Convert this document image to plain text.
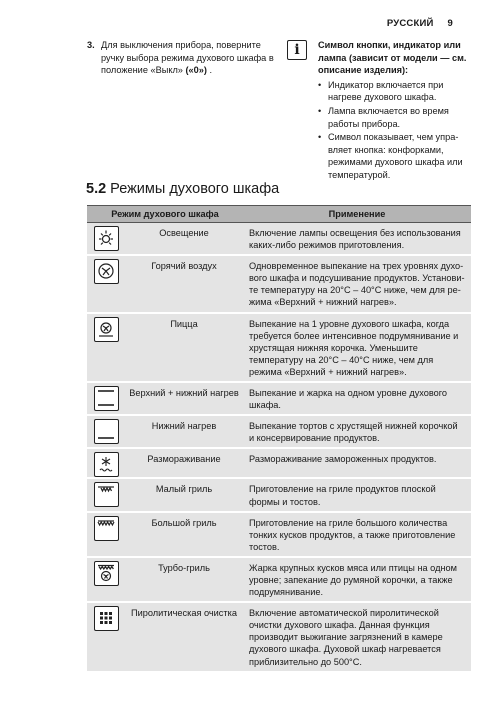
РУССКИЙ 9
3. Для выключения прибора, поверните ручку выбора режима духового шкафа в положение «Выкл» («0») .
i	Символ кнопки, индикатор или лампа (зависит от модели — см. описание изделия):
• Индикатор включается при нагреве духового шкафа.
• Лампа включается во время работы прибора.
• Символ показывает, чем управляет кнопка: конфорками, режимами духового шкафа или температурой.
5.2 Режимы духового шкафа
Режим духового шкафа	Применение
Освещение	Включение лампы освещения без использования каких-либо режимов приготовления.
Горячий воздух	Одновременное выпекание на трех уровнях духового шкафа и подсушивание продуктов. Установите температуру на 20°C – 40°C ниже, чем для режима «Верхний + нижний нагрев».
Пицца	Выпекание на 1 уровне духового шкафа, когда требуется более интенсивное подрумянивание и хрустящая нижняя корочка. Уменьшите температуру на 20°C – 40°C ниже, чем для режима «Верхний + нижний нагрев».
Верхний + нижний нагрев	Выпекание и жарка на одном уровне духового шкафа.
Нижний нагрев	Выпекание тортов с хрустящей нижней корочкой и консервирование продуктов.
Размораживание	Размораживание замороженных продуктов.
Малый гриль	Приготовление на гриле продуктов плоской формы и тостов.
Большой гриль	Приготовление на гриле большого количества тонких кусков продуктов, а также приготовление тостов.
Турбо-гриль	Жарка крупных кусков мяса или птицы на одном уровне; запекание до румяной корочки, а также подрумянивание.
Пиролитическая очистка	Включение автоматической пиролитической очистки духового шкафа. Данная функция производит выжигание загрязнений в камере духового шкафа. Духовой шкаф нагревается приблизительно до 500°C.
